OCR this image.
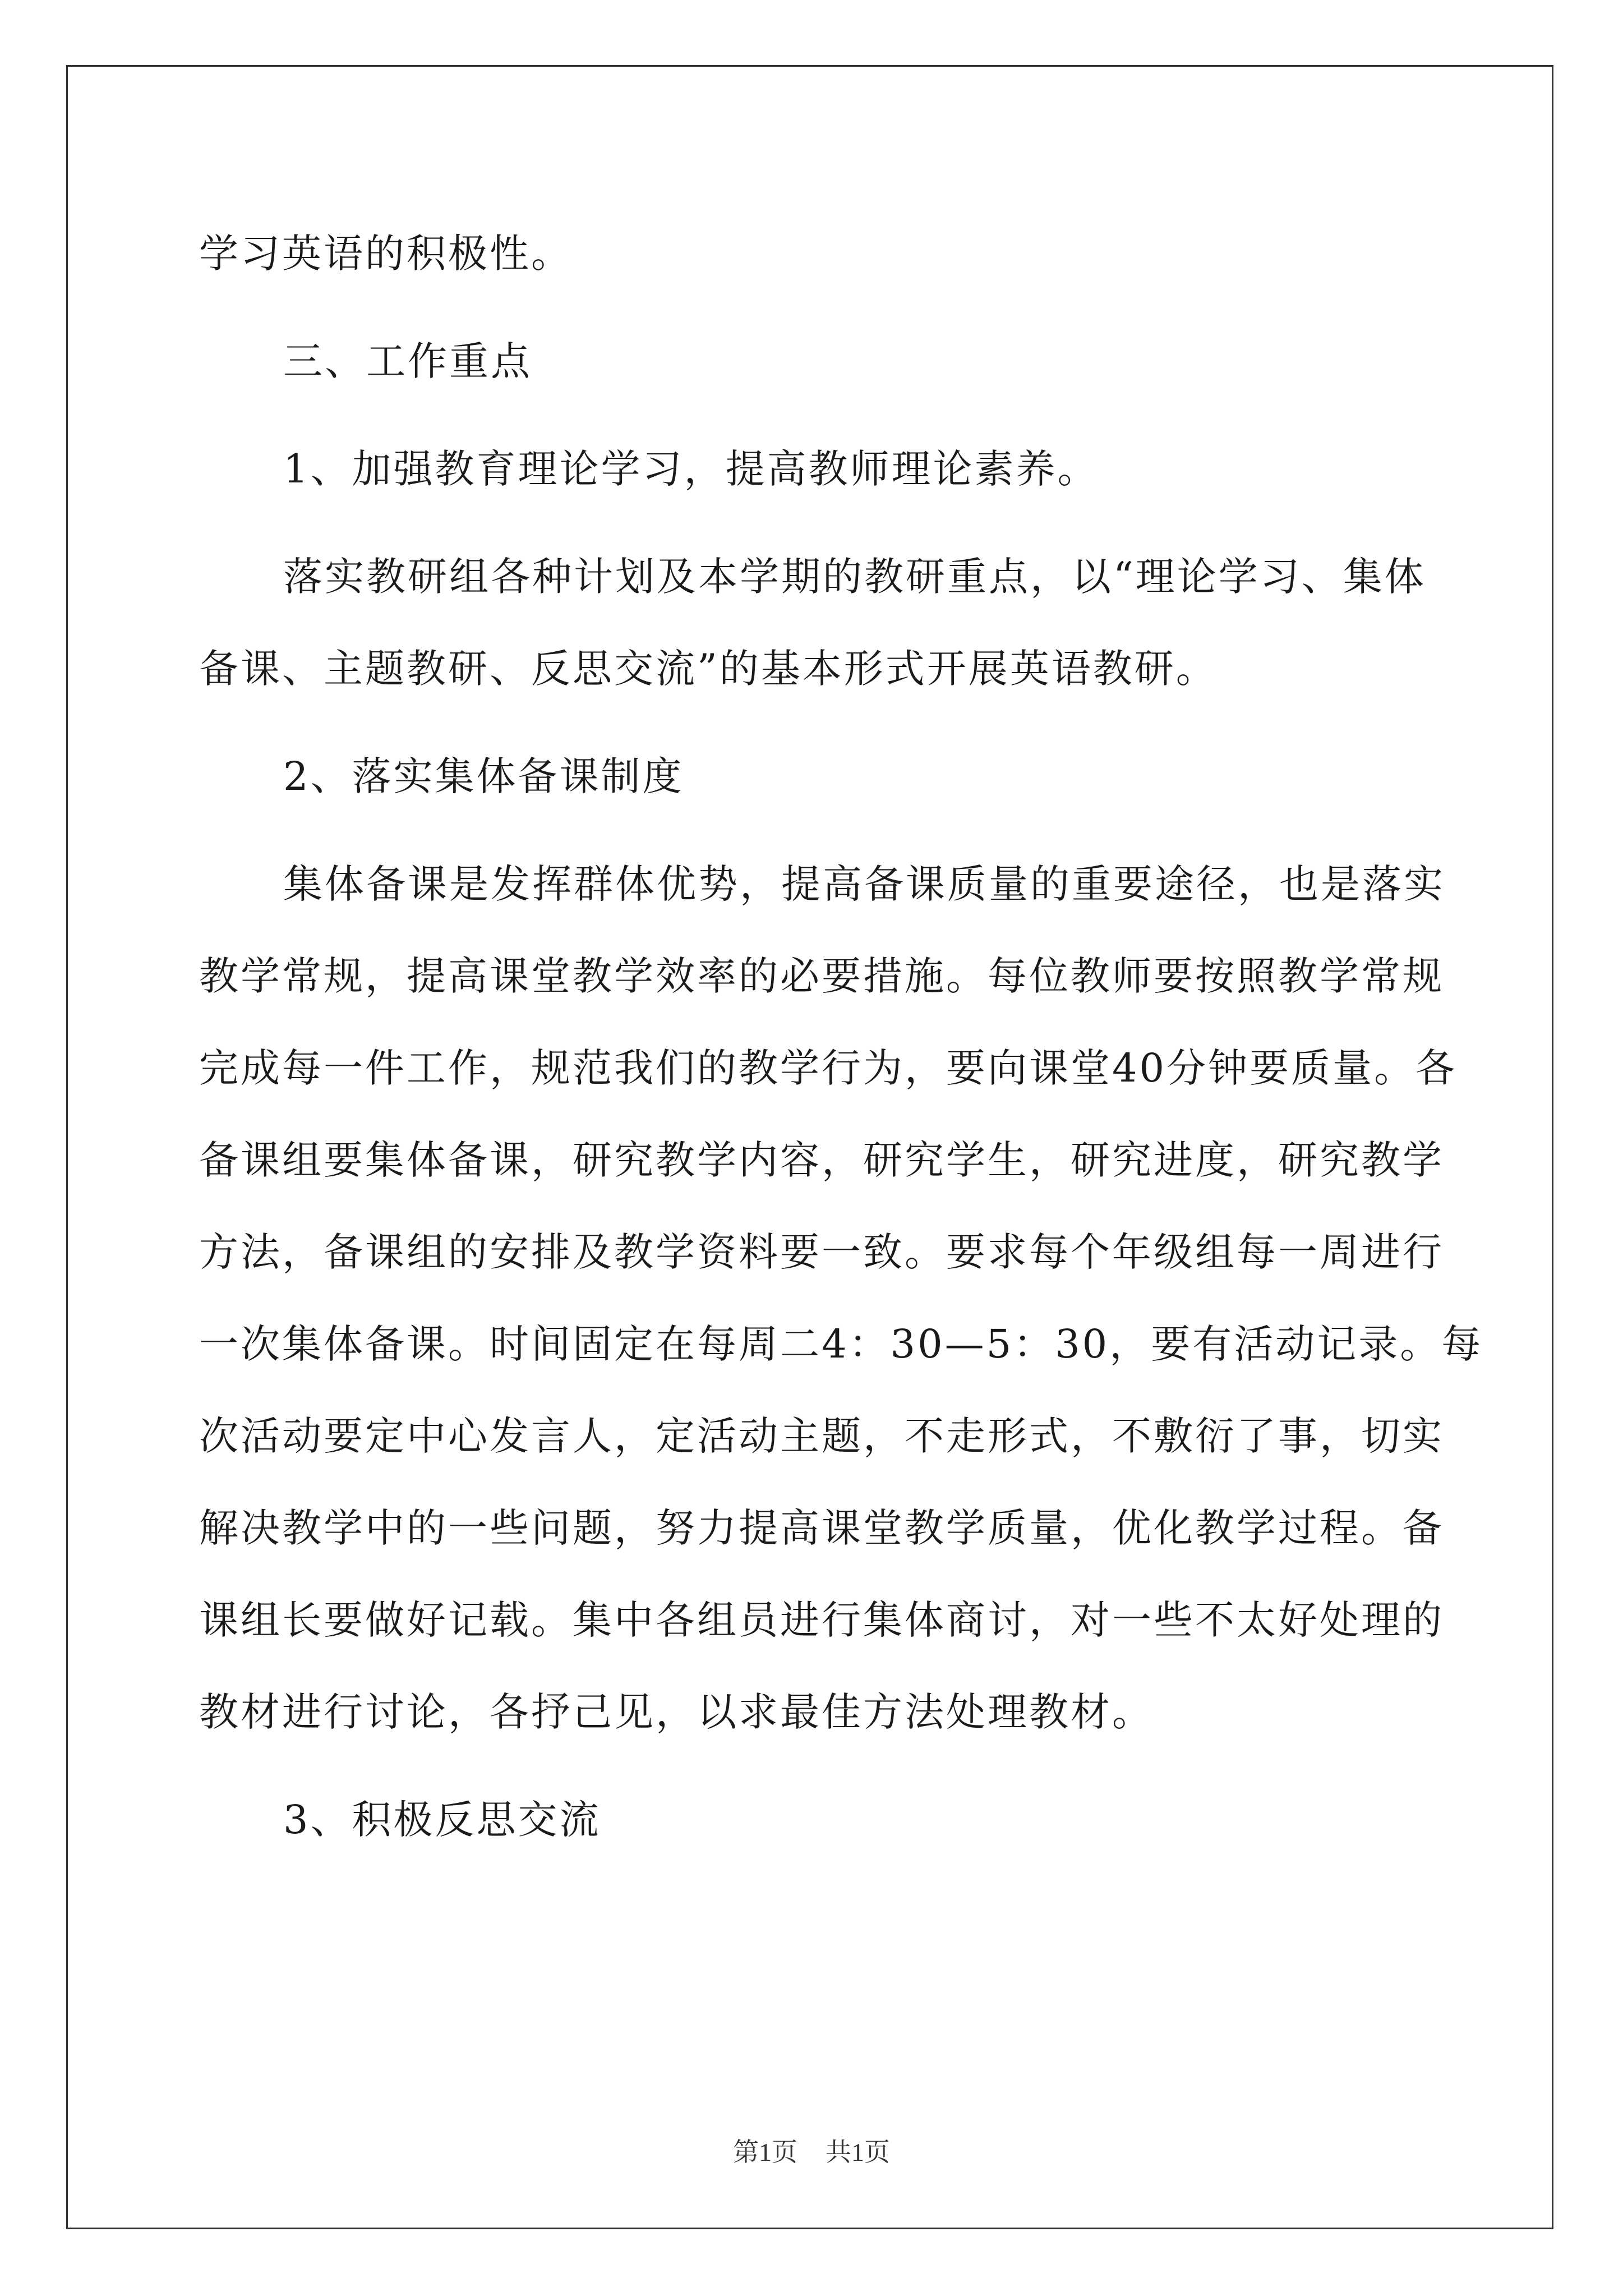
学习英语的积极性。

三、工作重点

1、加强教育理论学习，提高教师理论素养。

落实教研组各种计划及本学期的教研重点，以“理论学习、集体

备课、主题教研、反思交流”的基本形式开展英语教研。

2、落实集体备课制度

集体备课是发挥群体优势，提高备课质量的重要途径，也是落实

教学常规，提高课堂教学效率的必要措施。每位教师要按照教学常规

完成每一件工作，规范我们的教学行为，要向课堂40分钟要质量。各

备课组要集体备课，研究教学内容，研究学生，研究进度，研究教学

方法，备课组的安排及教学资料要一致。要求每个年级组每一周进行

一次集体备课。时间固定在每周二4：30—5：30，要有活动记录。每

次活动要定中心发言人，定活动主题，不走形式，不敷衍了事，切实

解决教学中的一些问题，努力提高课堂教学质量，优化教学过程。备

课组长要做好记载。集中各组员进行集体商讨，对一些不太好处理的

教材进行讨论，各抒己见，以求最佳方法处理教材。

3、积极反思交流

第1页 共1页
